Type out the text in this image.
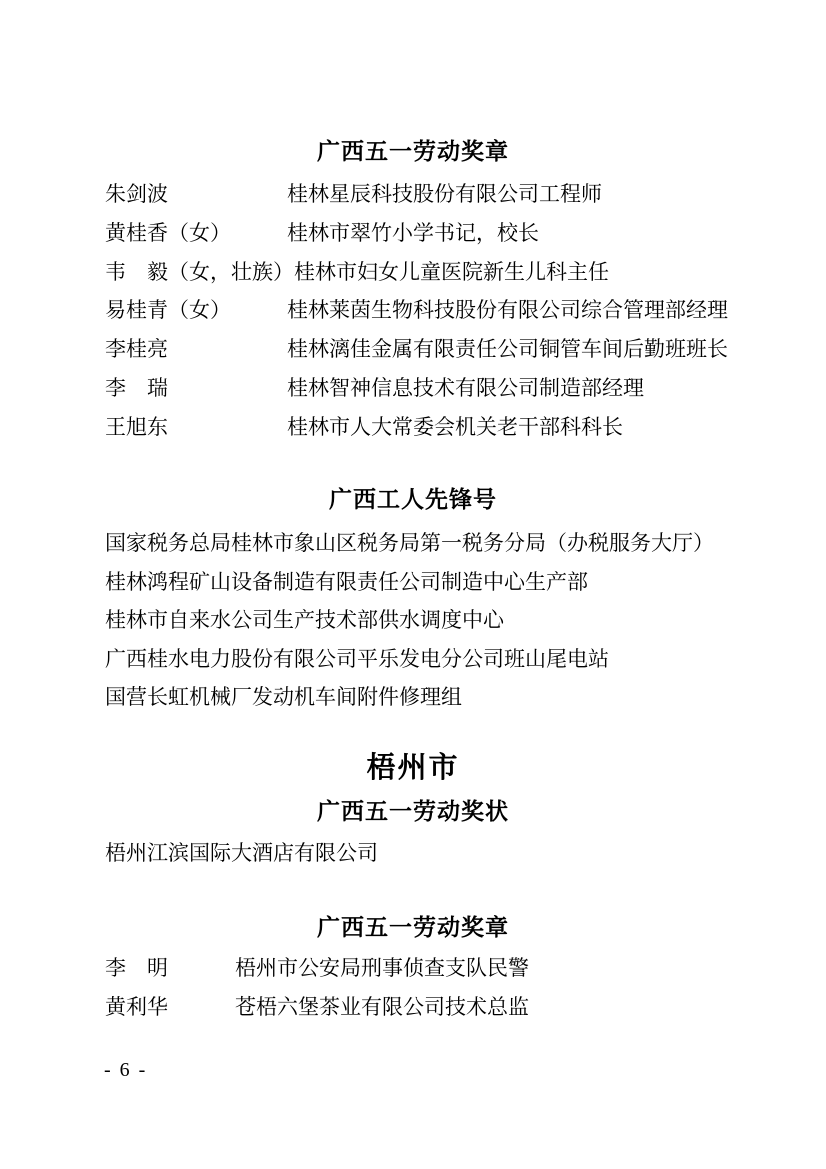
广西五一劳动奖章
朱剑波	桂林星辰科技股份有限公司工程师
黄桂香（女）	桂林市翠竹小学书记，校长
韦　毅（女，壮族） 桂林市妇女儿童医院新生儿科主任
易桂青（女）	桂林莱茵生物科技股份有限公司综合管理部经理
李桂亮	桂林漓佳金属有限责任公司铜管车间后勤班班长
李　瑞	桂林智神信息技术有限公司制造部经理
王旭东	桂林市人大常委会机关老干部科科长
广西工人先锋号
国家税务总局桂林市象山区税务局第一税务分局（办税服务大厅）
桂林鸿程矿山设备制造有限责任公司制造中心生产部
桂林市自来水公司生产技术部供水调度中心
广西桂水电力股份有限公司平乐发电分公司班山尾电站
国营长虹机械厂发动机车间附件修理组
梧州市
广西五一劳动奖状
梧州江滨国际大酒店有限公司
广西五一劳动奖章
李　明	梧州市公安局刑事侦查支队民警
黄利华	苍梧六堡茶业有限公司技术总监
- 6 -
